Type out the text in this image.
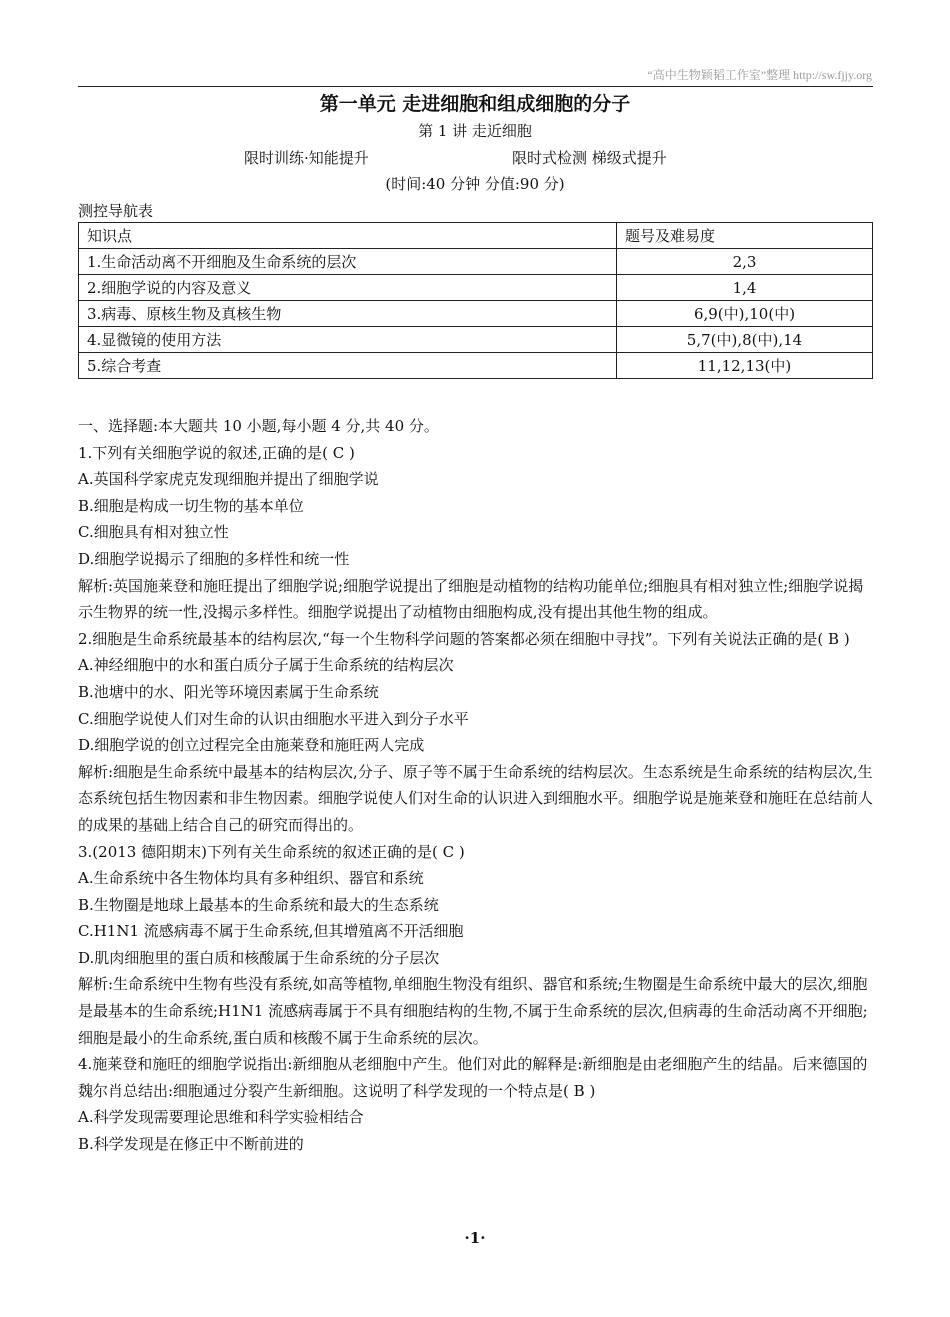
“高中生物颖韬工作室”整理 http://sw.fjjy.org
第一单元 走进细胞和组成细胞的分子
第 1 讲 走近细胞
限时训练·知能提升	限时式检测 梯级式提升
(时间:40 分钟 分值:90 分)
测控导航表
知识点	题号及难易度
1.生命活动离不开细胞及生命系统的层次	2,3
2.细胞学说的内容及意义	1,4
3.病毒、原核生物及真核生物	6,9(中),10(中)
4.显微镜的使用方法	5,7(中),8(中),14
5.综合考查	11,12,13(中)

一、选择题:本大题共 10 小题,每小题 4 分,共 40 分。

1.下列有关细胞学说的叙述,正确的是( C )

A.英国科学家虎克发现细胞并提出了细胞学说

B.细胞是构成一切生物的基本单位

C.细胞具有相对独立性

D.细胞学说揭示了细胞的多样性和统一性

解析:英国施莱登和施旺提出了细胞学说;细胞学说提出了细胞是动植物的结构功能单位;细胞具有相对独立性;细胞学说揭示生物界的统一性,没揭示多样性。细胞学说提出了动植物由细胞构成,没有提出其他生物的组成。

2.细胞是生命系统最基本的结构层次,“每一个生物科学问题的答案都必须在细胞中寻找”。下列有关说法正确的是( B )

A.神经细胞中的水和蛋白质分子属于生命系统的结构层次

B.池塘中的水、阳光等环境因素属于生命系统

C.细胞学说使人们对生命的认识由细胞水平进入到分子水平

D.细胞学说的创立过程完全由施莱登和施旺两人完成

解析:细胞是生命系统中最基本的结构层次,分子、原子等不属于生命系统的结构层次。生态系统是生命系统的结构层次,生态系统包括生物因素和非生物因素。细胞学说使人们对生命的认识进入到细胞水平。细胞学说是施莱登和施旺在总结前人的成果的基础上结合自己的研究而得出的。

3.(2013 德阳期末)下列有关生命系统的叙述正确的是( C )

A.生命系统中各生物体均具有多种组织、器官和系统

B.生物圈是地球上最基本的生命系统和最大的生态系统

C.H1N1 流感病毒不属于生命系统,但其增殖离不开活细胞

D.肌肉细胞里的蛋白质和核酸属于生命系统的分子层次

解析:生命系统中生物有些没有系统,如高等植物,单细胞生物没有组织、器官和系统;生物圈是生命系统中最大的层次,细胞是最基本的生命系统;H1N1 流感病毒属于不具有细胞结构的生物,不属于生命系统的层次,但病毒的生命活动离不开细胞;细胞是最小的生命系统,蛋白质和核酸不属于生命系统的层次。

4.施莱登和施旺的细胞学说指出:新细胞从老细胞中产生。他们对此的解释是:新细胞是由老细胞产生的结晶。后来德国的魏尔肖总结出:细胞通过分裂产生新细胞。这说明了科学发现的一个特点是( B )

A.科学发现需要理论思维和科学实验相结合

B.科学发现是在修正中不断前进的

·1·
